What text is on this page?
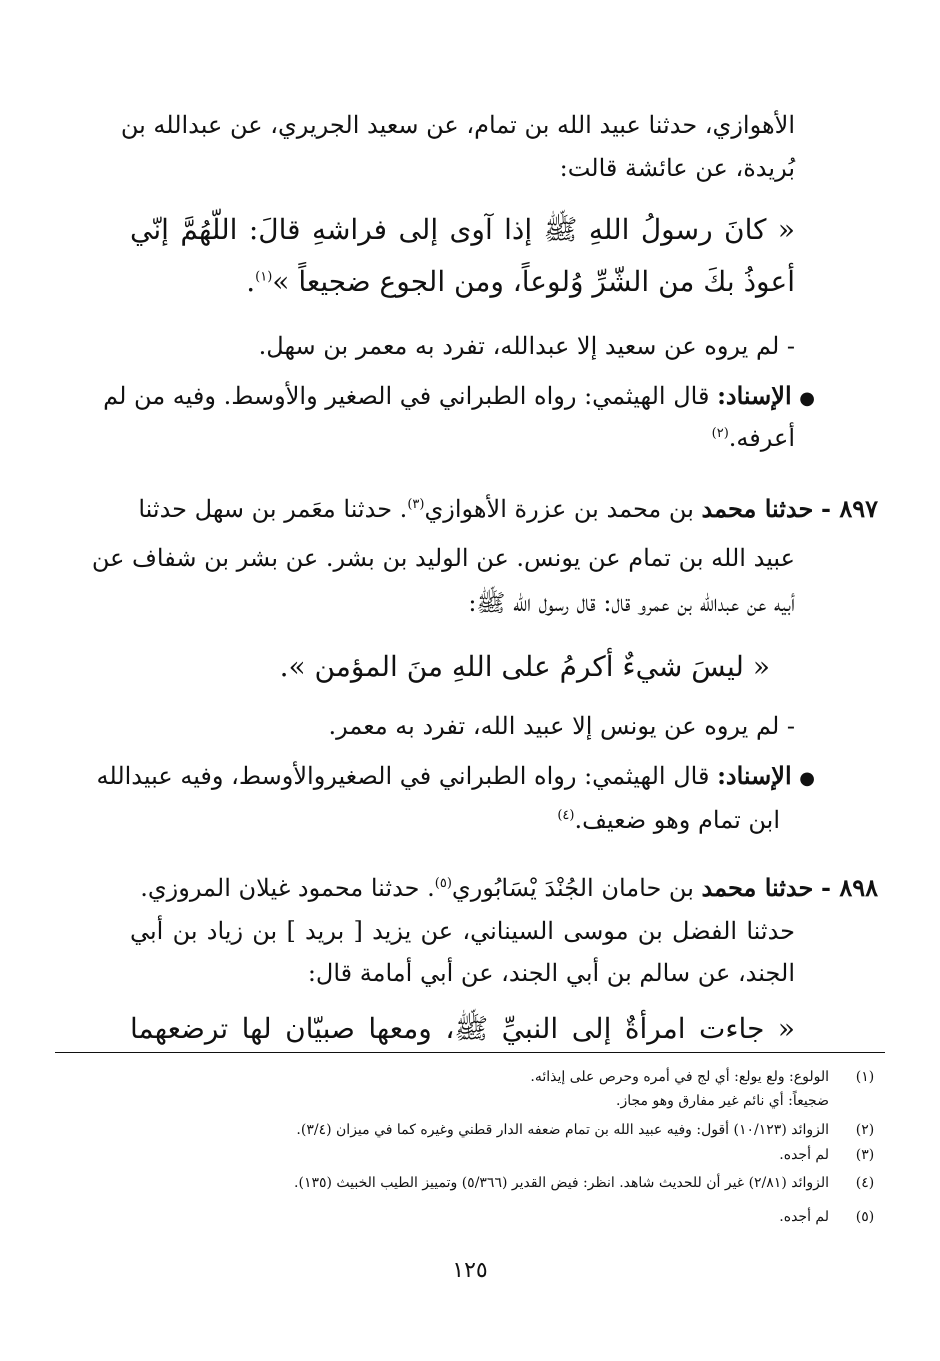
الأهوازي، حدثنا عبيد الله بن تمام، عن سعيد الجريري، عن عبدالله بن
بُريدة، عن عائشة قالت:
« كانَ رسولُ اللهِ ﷺ إذا آوى إلى فراشهِ قالَ: اللّهُمَّ إنّي
أعوذُ بكَ من الشّرِّ وُلوعاً، ومن الجوع ضجيعاً »$^{(١)}$.
- لم يروه عن سعيد إلا عبدالله، تفرد به معمر بن سهل.
● الإسناد: قال الهيثمي: رواه الطبراني في الصغير والأوسط. وفيه من لم
أعرفه.$^{(٢)}$
٨٩٧ - حدثنا محمد بن محمد بن عزرة الأهوازي$^{(٣)}$. حدثنا معَمر بن سهل حدثنا
عبيد الله بن تمام عن يونس. عن الوليد بن بشر. عن بشر بن شفاف عن
أبيه عن عبدالله بن عمرو قال: قال رسول الله ﷺ:
« ليسَ شيءٌ أكرمُ على اللهِ منَ المؤمن ».
- لم يروه عن يونس إلا عبيد الله، تفرد به معمر.
● الإسناد: قال الهيثمي: رواه الطبراني في الصغيروالأوسط، وفيه عبيدالله
ابن تمام وهو ضعيف.$^{(٤)}$
٨٩٨ - حدثنا محمد بن حامان الجُنْدَ يْسَابُوري$^{(٥)}$. حدثنا محمود غيلان المروزي.
حدثنا الفضل بن موسى السيناني، عن يزيد [ بريد ] بن زياد بن أبي
الجند، عن سالم بن أبي الجند، عن أبي أمامة قال:
« جاءت امرأةٌ إلى النبيِّ ﷺ، ومعها صبيّان لها ترضعهما
(١)الولوع: ولع يولع: أي لج في أمره وحرص على إيذائه.
ضجيعاً: أي نائم غير مفارق وهو مجاز.
(٢)الزوائد (١٠/١٢٣) أقول: وفيه عبيد الله بن تمام ضعفه الدار قطني وغيره كما في ميزان (٣/٤).
(٣)لم أجده.
(٤)الزوائد (٢/٨١) غير أن للحديث شاهد. انظر: فيض القدير (٥/٣٦٦) وتمييز الطيب الخبيث (١٣٥).
(٥)لم أجده.
١٢٥
